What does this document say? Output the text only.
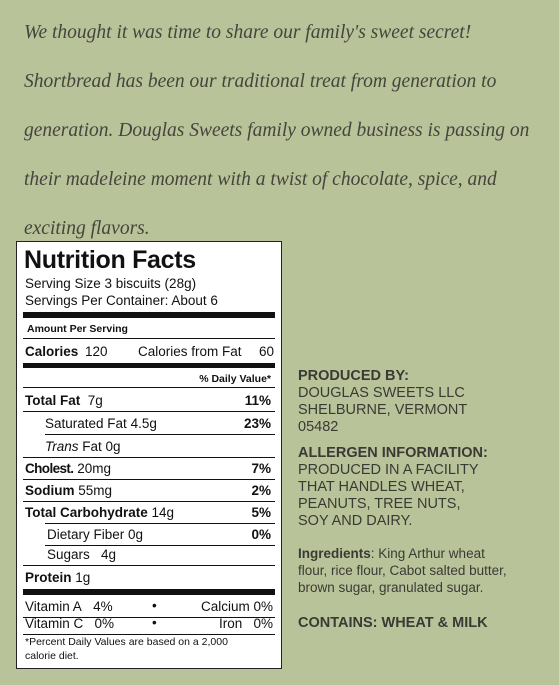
We thought it was time to share our family's sweet secret!
Shortbread has been our traditional treat from generation to
generation. Douglas Sweets family owned business is passing on
their madeleine moment with a twist of chocolate, spice, and
exciting flavors.
Nutrition Facts
Serving Size 3 biscuits (28g)
Servings Per Container: About 6
Amount Per Serving
Calories 120 Calories from Fat 60
% Daily Value*
Total Fat 7g	11%
Saturated Fat 4.5g	23%
Trans Fat 0g
Cholest. 20mg	7%
Sodium 55mg	2%
Total Carbohydrate 14g	5%
Dietary Fiber 0g	0%
Sugars 4g
Protein 1g
Vitamin A 4%	•	Calcium 0%
Vitamin C 0%	•	Iron 0%
*Percent Daily Values are based on a 2,000
calorie diet.
PRODUCED BY:
DOUGLAS SWEETS LLC
SHELBURNE, VERMONT
05482
ALLERGEN INFORMATION:
PRODUCED IN A FACILITY
THAT HANDLES WHEAT,
PEANUTS, TREE NUTS,
SOY AND DAIRY.
Ingredients: King Arthur wheat
flour, rice flour, Cabot salted butter,
brown sugar, granulated sugar.
CONTAINS: WHEAT & MILK
